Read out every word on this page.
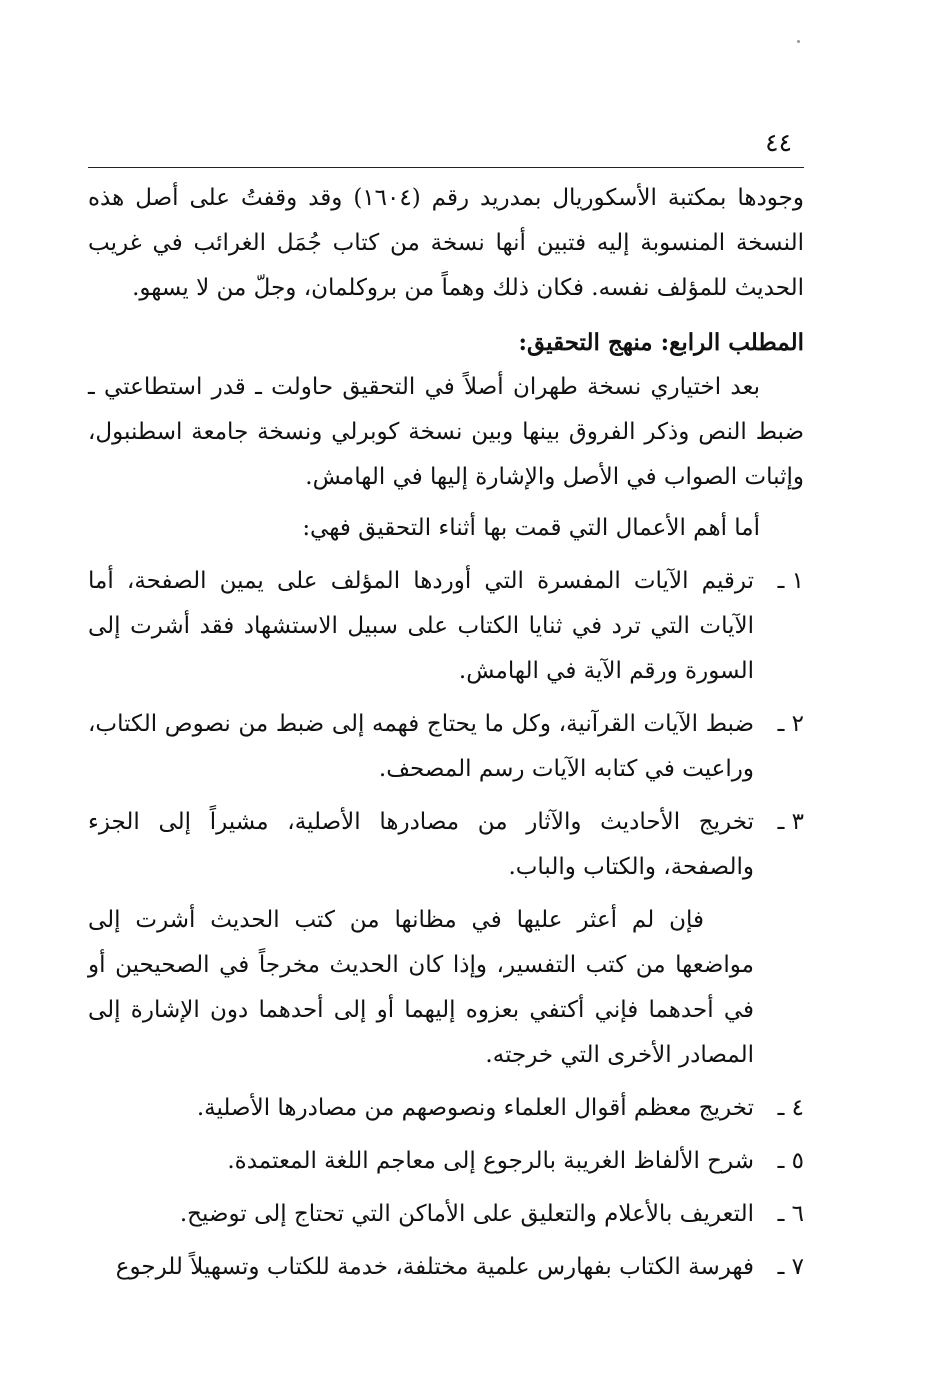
٤٤

وجودها بمكتبة الأسكوريال بمدريد رقم (١٦٠٤) وقد وقفتُ على أصل هذه النسخة المنسوبة إليه فتبين أنها نسخة من كتاب جُمَل الغرائب في غريب الحديث للمؤلف نفسه. فكان ذلك وهماً من بروكلمان، وجلّ من لا يسهو.

المطلب الرابع: منهج التحقيق:

بعد اختياري نسخة طهران أصلاً في التحقيق حاولت ـ قدر استطاعتي ـ ضبط النص وذكر الفروق بينها وبين نسخة كوبرلي ونسخة جامعة اسطنبول، وإثبات الصواب في الأصل والإشارة إليها في الهامش.

أما أهم الأعمال التي قمت بها أثناء التحقيق فهي:

١ ـ

ترقيم الآيات المفسرة التي أوردها المؤلف على يمين الصفحة، أما الآيات التي ترد في ثنايا الكتاب على سبيل الاستشهاد فقد أشرت إلى السورة ورقم الآية في الهامش.

٢ ـ

ضبط الآيات القرآنية، وكل ما يحتاج فهمه إلى ضبط من نصوص الكتاب، وراعيت في كتابه الآيات رسم المصحف.

٣ ـ

تخريج الأحاديث والآثار من مصادرها الأصلية، مشيراً إلى الجزء والصفحة، والكتاب والباب.

فإن لم أعثر عليها في مظانها من كتب الحديث أشرت إلى مواضعها من كتب التفسير، وإذا كان الحديث مخرجاً في الصحيحين أو في أحدهما فإني أكتفي بعزوه إليهما أو إلى أحدهما دون الإشارة إلى المصادر الأخرى التي خرجته.

٤ ـ

تخريج معظم أقوال العلماء ونصوصهم من مصادرها الأصلية.

٥ ـ

شرح الألفاظ الغريبة بالرجوع إلى معاجم اللغة المعتمدة.

٦ ـ

التعريف بالأعلام والتعليق على الأماكن التي تحتاج إلى توضيح.

٧ ـ

فهرسة الكتاب بفهارس علمية مختلفة، خدمة للكتاب وتسهيلاً للرجوع
